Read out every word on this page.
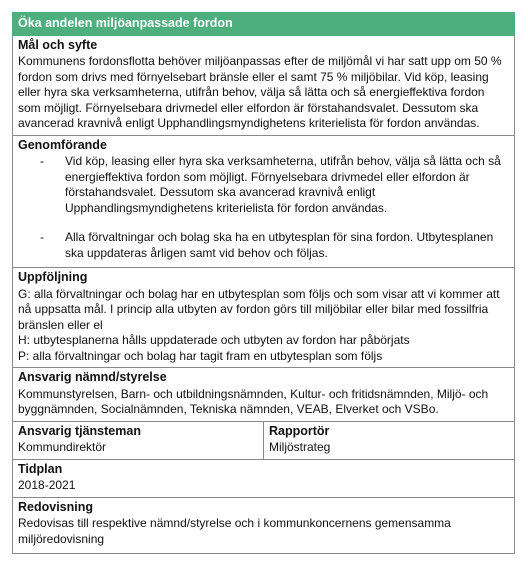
Öka andelen miljöanpassade fordon

Mål och syfte
Kommunens fordonsflotta behöver miljöanpassas efter de miljömål vi har satt upp om 50 % fordon som drivs med förnyelsebart bränsle eller el samt 75 % miljöbilar. Vid köp, leasing eller hyra ska verksamheterna, utifrån behov, välja så lätta och så energieffektiva fordon som möjligt. Förnyelsebara drivmedel eller elfordon är förstahandsvalet. Dessutom ska avancerad kravnivå enligt Upphandlingsmyndighetens kriterielista för fordon användas.

Genomförande
- Vid köp, leasing eller hyra ska verksamheterna, utifrån behov, välja så lätta och så energieffektiva fordon som möjligt. Förnyelsebara drivmedel eller elfordon är förstahandsvalet. Dessutom ska avancerad kravnivå enligt Upphandlingsmyndighetens kriterielista för fordon användas.
- Alla förvaltningar och bolag ska ha en utbytesplan för sina fordon. Utbytesplanen ska uppdateras årligen samt vid behov och följas.

Uppföljning
G: alla förvaltningar och bolag har en utbytesplan som följs och som visar att vi kommer att nå uppsatta mål. I princip alla utbyten av fordon görs till miljöbilar eller bilar med fossilfria bränslen eller el
H: utbytesplanerna hålls uppdaterade och utbyten av fordon har påbörjats
P: alla förvaltningar och bolag har tagit fram en utbytesplan som följs

Ansvarig nämnd/styrelse
Kommunstyrelsen, Barn- och utbildningsnämnden, Kultur- och fritidsnämnden, Miljö- och byggnämnden, Socialnämnden, Tekniska nämnden, VEAB, Elverket och VSBo.

Ansvarig tjänsteman
Kommundirektör

Rapportör
Miljöstrateg

Tidplan
2018-2021

Redovisning
Redovisas till respektive nämnd/styrelse och i kommunkoncernens gemensamma miljöredovisning
